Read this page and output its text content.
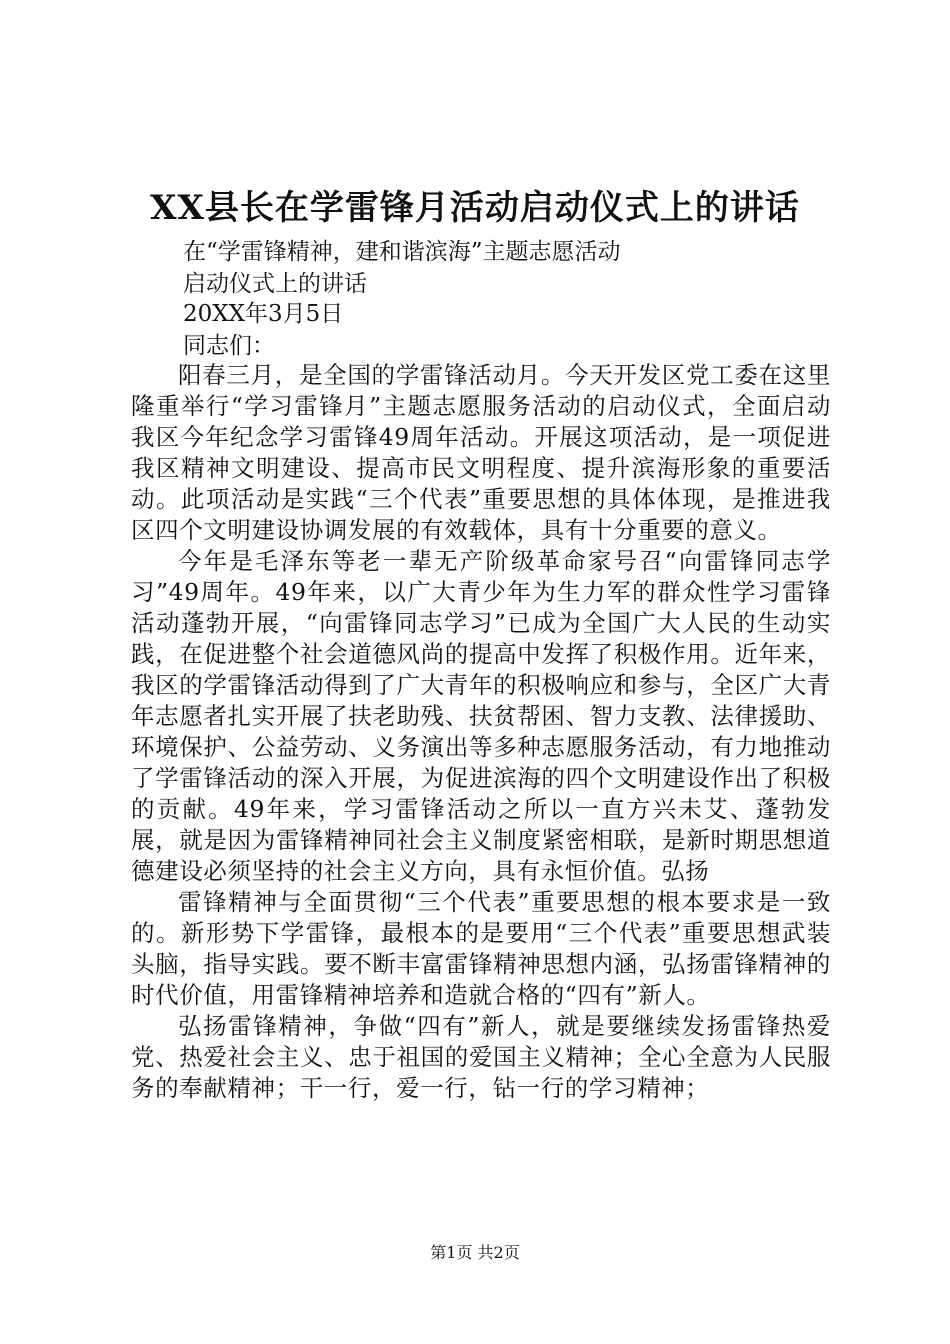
XX县长在学雷锋月活动启动仪式上的讲话
在“学雷锋精神，建和谐滨海”主题志愿活动
启动仪式上的讲话
20XX年3月5日
同志们：

阳春三月，是全国的学雷锋活动月。今天开发区党工委在这里隆重举行“学习雷锋月”主题志愿服务活动的启动仪式，全面启动我区今年纪念学习雷锋49周年活动。开展这项活动，是一项促进我区精神文明建设、提高市民文明程度、提升滨海形象的重要活动。此项活动是实践“三个代表”重要思想的具体体现，是推进我区四个文明建设协调发展的有效载体，具有十分重要的意义。

今年是毛泽东等老一辈无产阶级革命家号召“向雷锋同志学习”49周年。49年来，以广大青少年为生力军的群众性学习雷锋活动蓬勃开展，“向雷锋同志学习”已成为全国广大人民的生动实践，在促进整个社会道德风尚的提高中发挥了积极作用。近年来，我区的学雷锋活动得到了广大青年的积极响应和参与，全区广大青年志愿者扎实开展了扶老助残、扶贫帮困、智力支教、法律援助、环境保护、公益劳动、义务演出等多种志愿服务活动，有力地推动了学雷锋活动的深入开展，为促进滨海的四个文明建设作出了积极的贡献。49年来，学习雷锋活动之所以一直方兴未艾、蓬勃发展，就是因为雷锋精神同社会主义制度紧密相联，是新时期思想道德建设必须坚持的社会主义方向，具有永恒价值。弘扬

雷锋精神与全面贯彻“三个代表”重要思想的根本要求是一致的。新形势下学雷锋，最根本的是要用“三个代表”重要思想武装头脑，指导实践。要不断丰富雷锋精神思想内涵，弘扬雷锋精神的时代价值，用雷锋精神培养和造就合格的“四有”新人。

弘扬雷锋精神，争做“四有”新人，就是要继续发扬雷锋热爱党、热爱社会主义、忠于祖国的爱国主义精神；全心全意为人民服务的奉献精神；干一行，爱一行，钻一行的学习精神；

第1页 共2页
